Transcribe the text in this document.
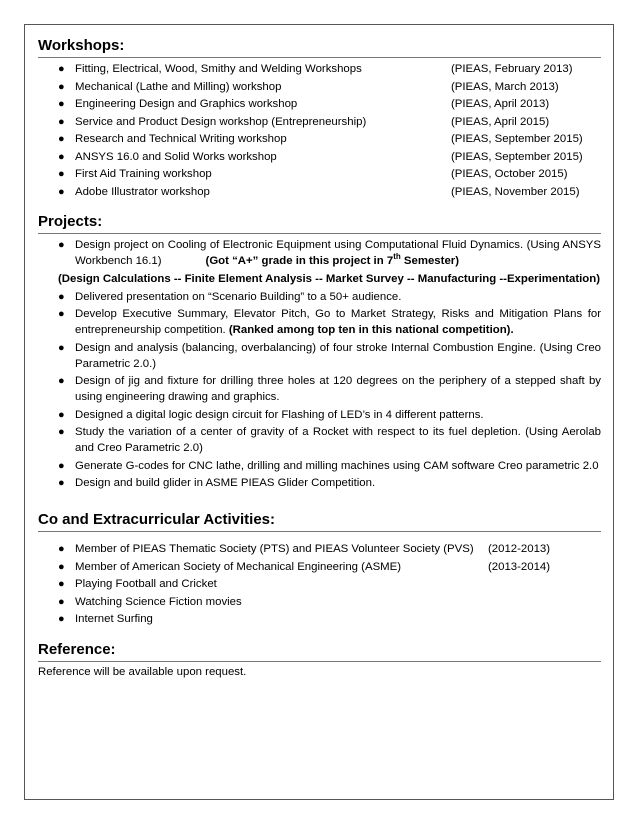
Workshops:
● Fitting, Electrical, Wood, Smithy and Welding Workshops	(PIEAS, February 2013)
● Mechanical (Lathe and Milling) workshop	(PIEAS, March 2013)
● Engineering Design and Graphics workshop	(PIEAS, April 2013)
● Service and Product Design workshop (Entrepreneurship)	(PIEAS, April 2015)
● Research and Technical Writing workshop	(PIEAS, September 2015)
● ANSYS 16.0 and Solid Works workshop	(PIEAS, September 2015)
● First Aid Training workshop	(PIEAS, October 2015)
● Adobe Illustrator workshop	(PIEAS, November 2015)
Projects:
● Design project on Cooling of Electronic Equipment using Computational Fluid Dynamics. (Using ANSYS Workbench 16.1)	(Got “A+” grade in this project in 7th Semester)
(Design Calculations -- Finite Element Analysis -- Market Survey -- Manufacturing --Experimentation)
● Delivered presentation on “Scenario Building” to a 50+ audience.
● Develop Executive Summary, Elevator Pitch, Go to Market Strategy, Risks and Mitigation Plans for entrepreneurship competition. (Ranked among top ten in this national competition).
● Design and analysis (balancing, overbalancing) of four stroke Internal Combustion Engine. (Using Creo Parametric 2.0.)
● Design of jig and fixture for drilling three holes at 120 degrees on the periphery of a stepped shaft by using engineering drawing and graphics.
● Designed a digital logic design circuit for Flashing of LED’s in 4 different patterns.
● Study the variation of a center of gravity of a Rocket with respect to its fuel depletion. (Using Aerolab and Creo Parametric 2.0)
● Generate G-codes for CNC lathe, drilling and milling machines using CAM software Creo parametric 2.0
● Design and build glider in ASME PIEAS Glider Competition.
Co and Extracurricular Activities:
● Member of PIEAS Thematic Society (PTS) and PIEAS Volunteer Society (PVS)	(2012-2013)
● Member of American Society of Mechanical Engineering (ASME)	(2013-2014)
● Playing Football and Cricket
● Watching Science Fiction movies
● Internet Surfing
Reference:
Reference will be available upon request.
